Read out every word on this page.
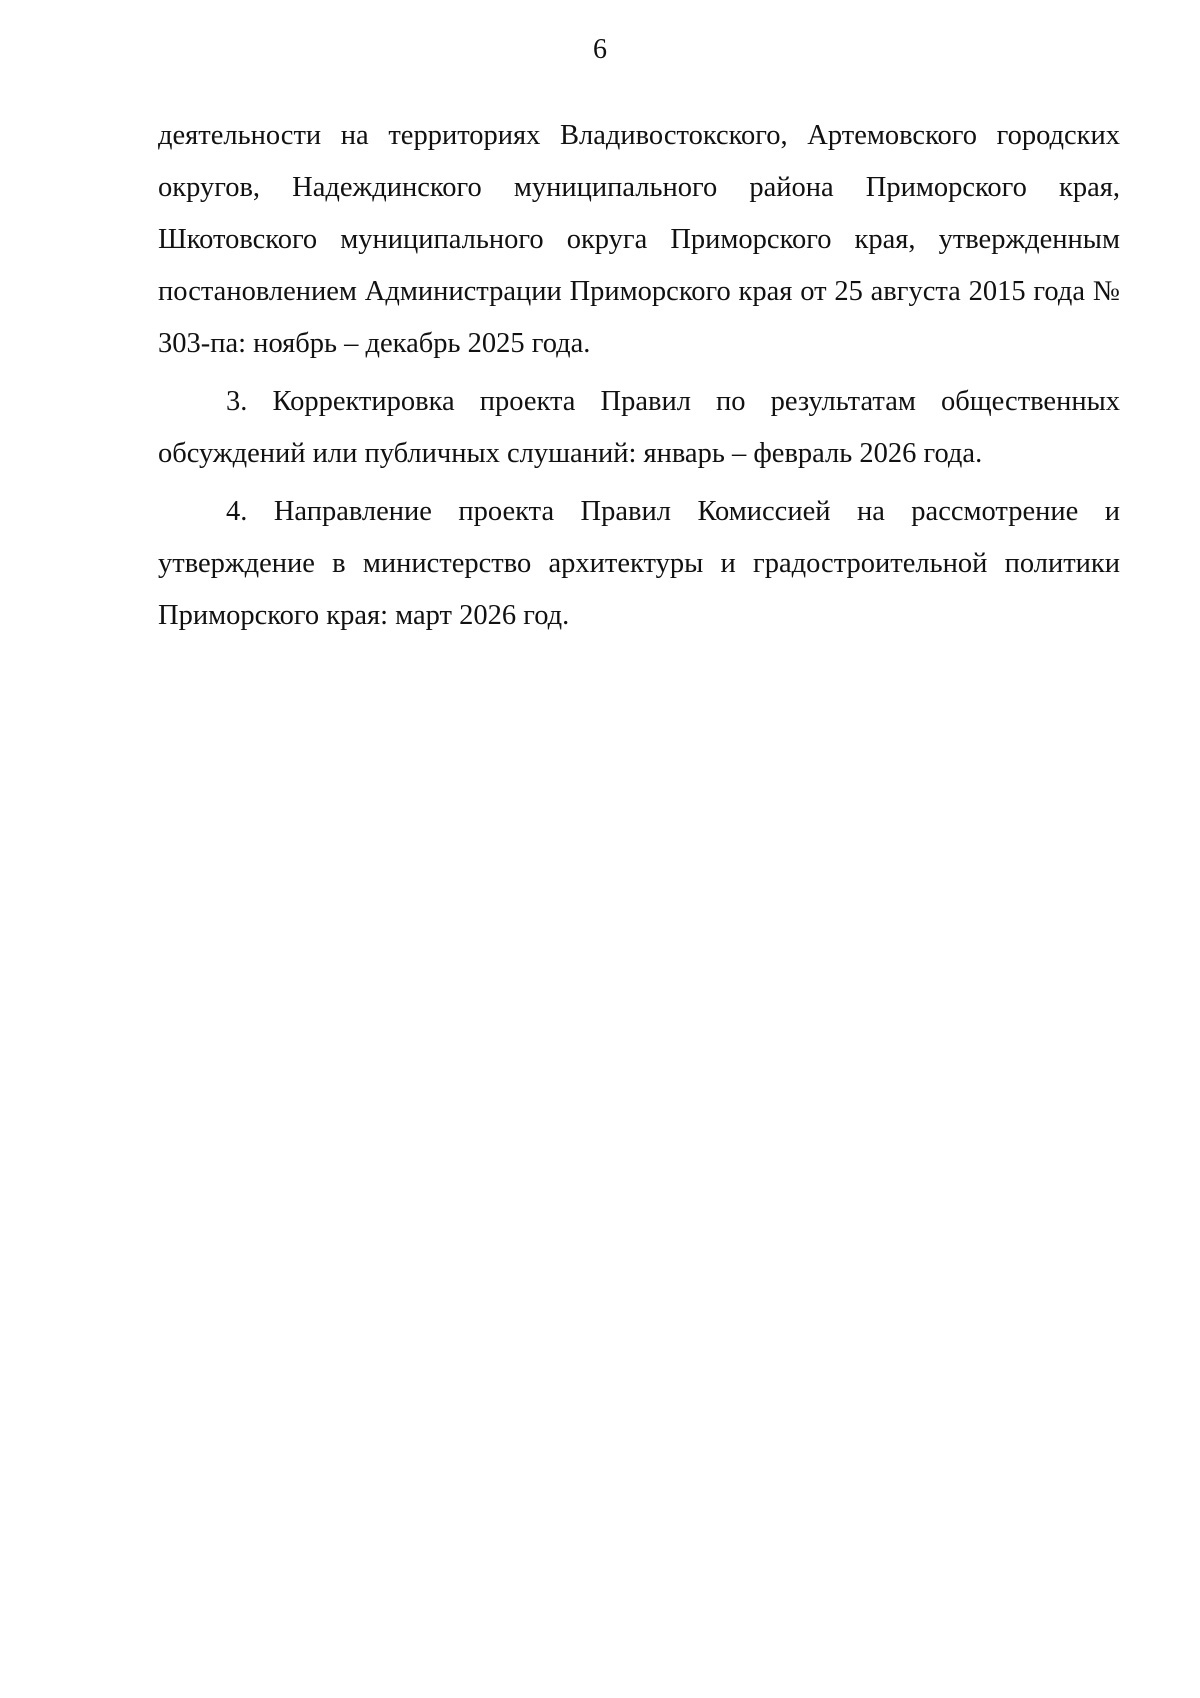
6

деятельности на территориях Владивостокского, Артемовского городских округов, Надеждинского муниципального района Приморского края, Шкотовского муниципального округа Приморского края, утвержденным постановлением Администрации Приморского края от 25 августа 2015 года № 303-па: ноябрь – декабрь 2025 года.

3. Корректировка проекта Правил по результатам общественных обсуждений или публичных слушаний: январь – февраль 2026 года.

4. Направление проекта Правил Комиссией на рассмотрение и утверждение в министерство архитектуры и градостроительной политики Приморского края: март 2026 год.
